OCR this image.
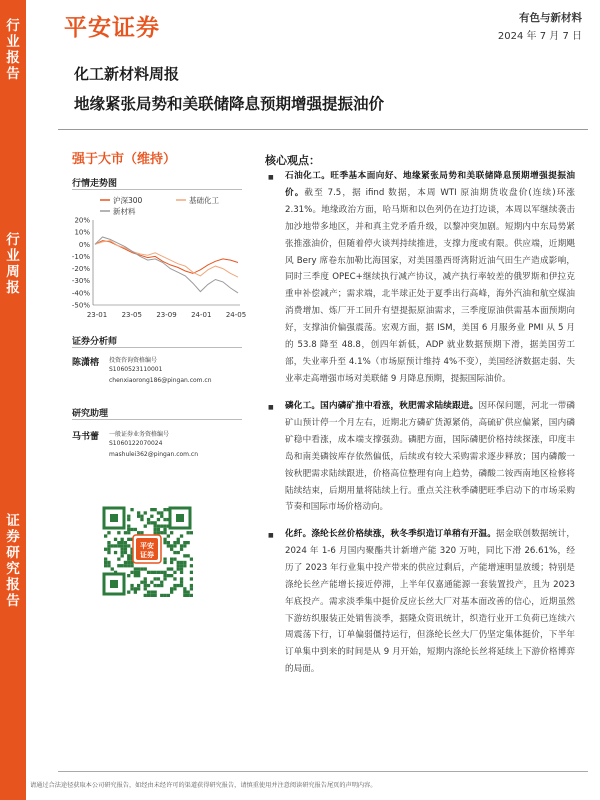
行业报告
行业周报
证券研究报告
平安证券	有色与新材料
2024 年 7 月 7 日
化工新材料周报
地缘紧张局势和美联储降息预期增强提振油价
强于大市（维持）
行情走势图
20%
10%
0%
-10%
-20%
-30%
-40%
-50%
23-01 23-05 23-09 24-01 24-05
沪深300	基础化工
新材料
证券分析师
陈潇榕 投资咨询资格编号
S1060523110001
chenxiaorong186@pingan.com.cn
研究助理
马书蕾 一般证券业务资格编号
S1060122070024
mashulei362@pingan.com.cn
平安
证券
核心观点：
■ 石油化工。旺季基本面向好、地缘紧张局势和美联储降息预期增强提振油价。截至 7.5，据 ifind 数据，本周 WTI 原油期货收盘价(连续)环涨 2.31%。地缘政治方面，哈马斯和以色列仍在边打边谈，本周以军继续袭击加沙地带多地区，并和真主党矛盾升级，以黎冲突加剧。短期内中东局势紧张推涨油价，但随着停火谈判持续推进，支撑力度或有限。供应端，近期飓风 Bery 席卷东加勒比海国家，对美国墨西哥湾附近油气田生产造成影响，同时三季度 OPEC+继续执行减产协议，减产执行率较差的俄罗斯和伊拉克重申补偿减产；需求端，北半球正处于夏季出行高峰，海外汽油和航空煤油消费增加、炼厂开工回升有望提振原油需求，三季度原油供需基本面预期向好，支撑油价偏强震荡。宏观方面，据 ISM，美国 6 月服务业 PMI 从 5 月的 53.8 降至 48.8，创四年新低，ADP 就业数据预期下滑，据美国劳工部，失业率升至 4.1%（市场原预计维持 4%不变），美国经济数据走弱、失业率走高增强市场对美联储 9 月降息预期，提振国际油价。
■ 磷化工。国内磷矿推中看涨，秋肥需求陆续跟进。因环保问题，河北一带磷矿山预计停一个月左右，近期北方磷矿货源紧俏，高硫矿供应偏紧，国内磷矿稳中看涨，成本端支撑强劲。磷肥方面，国际磷肥价格持续探涨，印度丰岛和南美磷铵库存依然偏低，后续或有较大采购需求逐步释放；国内磷酸一铵秋肥需求陆续跟进，价格高位整理有向上趋势，磷酸二铵西南地区检修将陆续结束，后期用量将陆续上行。重点关注秋季磷肥旺季启动下的市场采购节奏和国际市场价格动向。
■ 化纤。涤纶长丝价格续涨，秋冬季织造订单稍有开温。据金联创数据统计，2024 年 1-6 月国内聚酯共计新增产能 320 万吨，同比下滑 26.61%，经历了 2023 年行业集中投产带来的供应过剩后，产能增速明显放缓；特别是涤纶长丝产能增长接近停滞，上半年仅嘉通能源一套装置投产，且为 2023 年底投产。需求淡季集中挺价反应长丝大厂对基本面改善的信心，近期虽然下游纺织服装正处销售淡季，据隆众资讯统计，织造行业开工负荷已连续六周震荡下行，订单偏弱僵持运行，但涤纶长丝大厂仍坚定集体挺价，下半年订单集中到来的时间是从 9 月开始，短期内涤纶长丝将延续上下游价格博弈的局面。
请通过合法途径获取本公司研究报告，如经由未经许可的渠道获得研究报告，请慎重使用并注意阅读研究报告尾页的声明内容。
